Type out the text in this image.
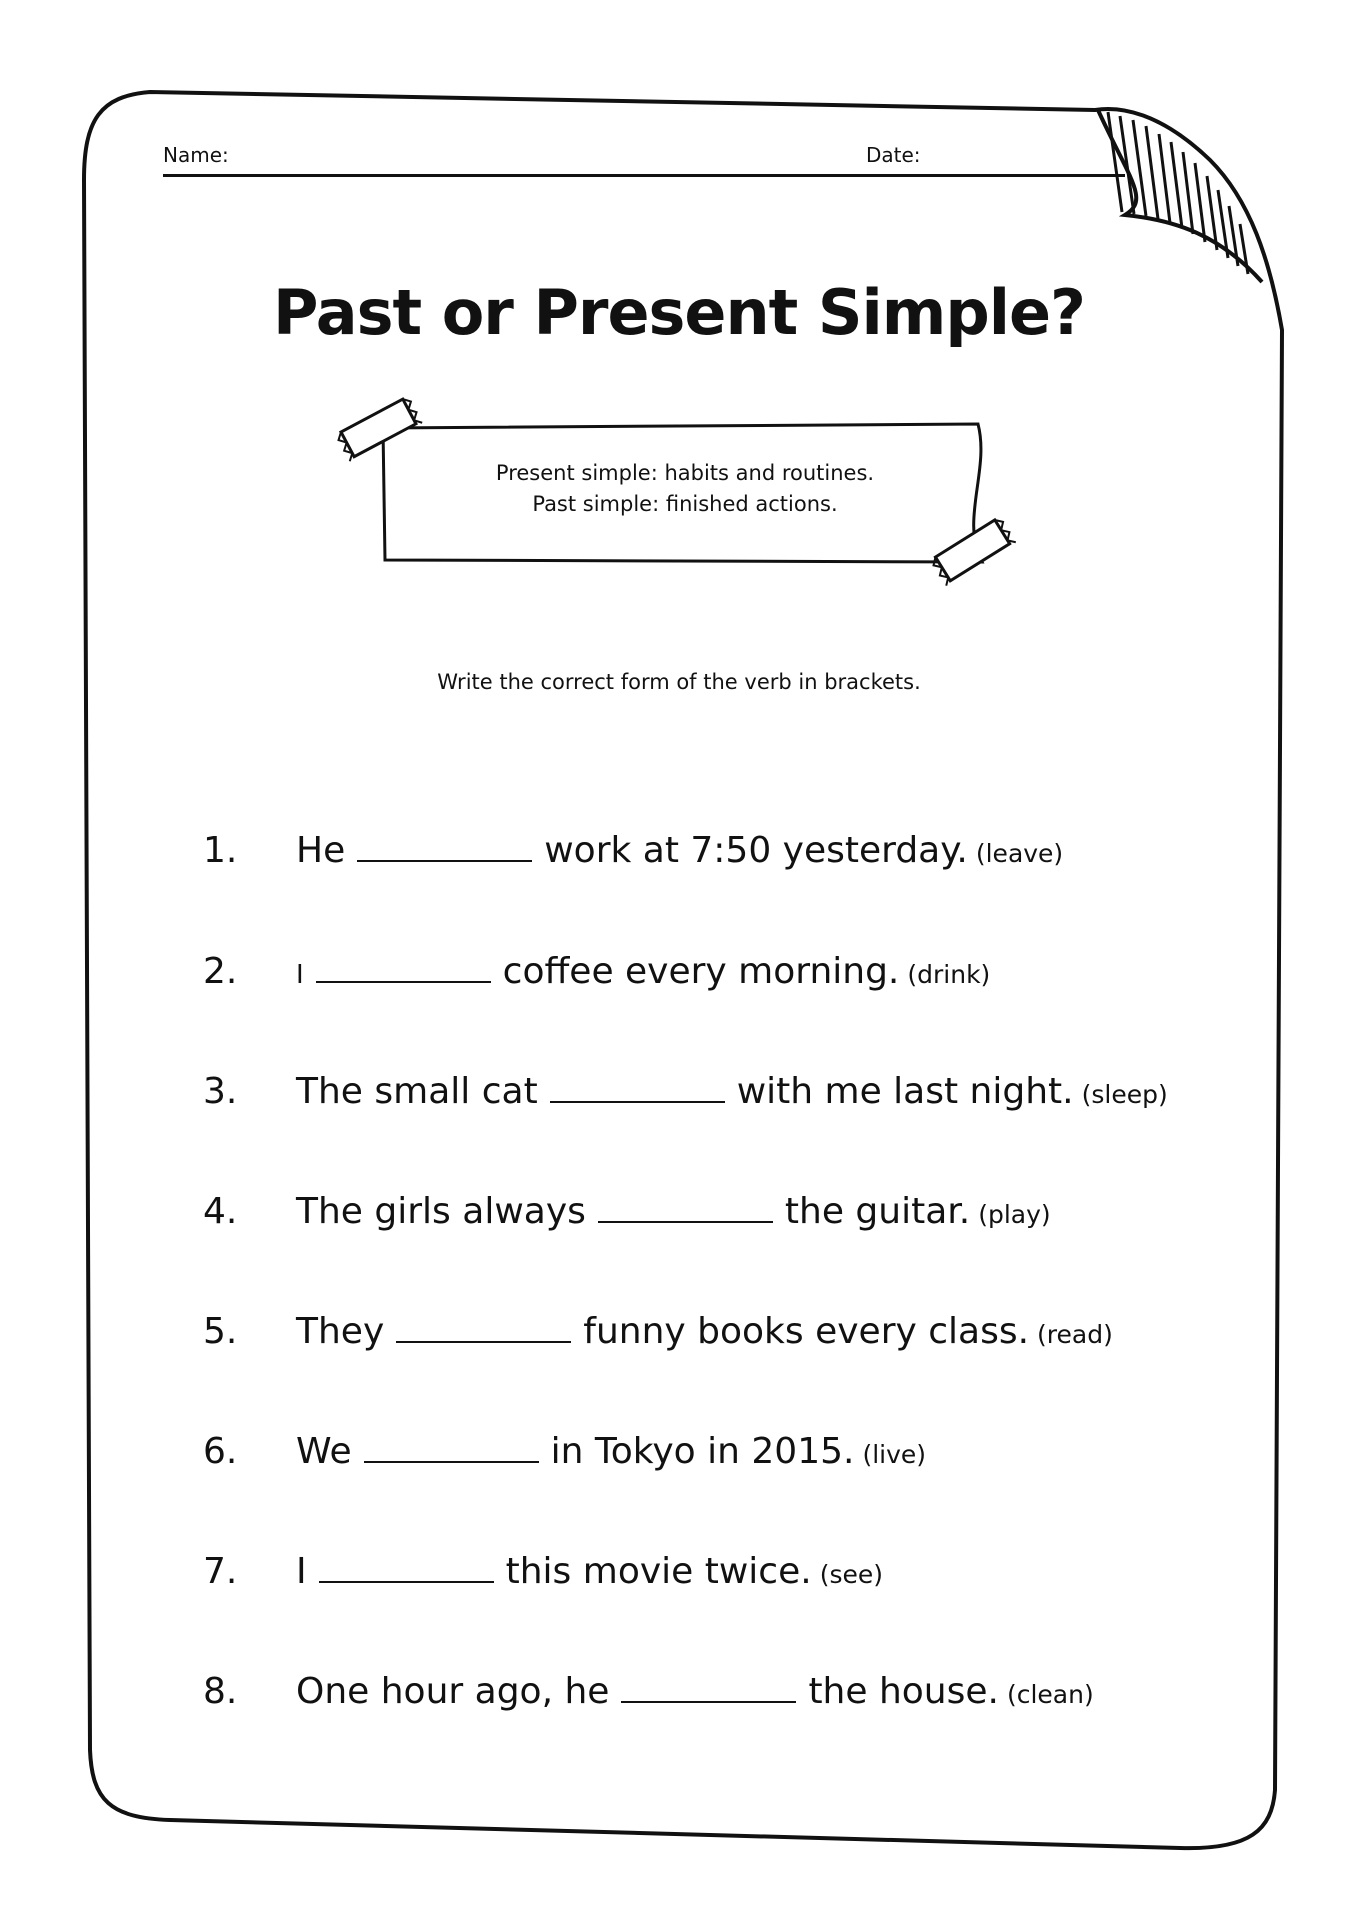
Name:	Date:
Past or Present Simple?
Present simple: habits and routines.
Past simple: finished actions.
Write the correct form of the verb in brackets.
1. He	work at 7:50 yesterday. (leave)
2. I	coffee every morning. (drink)
3. The small cat	with me last night. (sleep)
4. The girls always	the guitar. (play)
5. They	funny books every class. (read)
6. We	in Tokyo in 2015. (live)
7. I	this movie twice. (see)
8. One hour ago, he	the house. (clean)
